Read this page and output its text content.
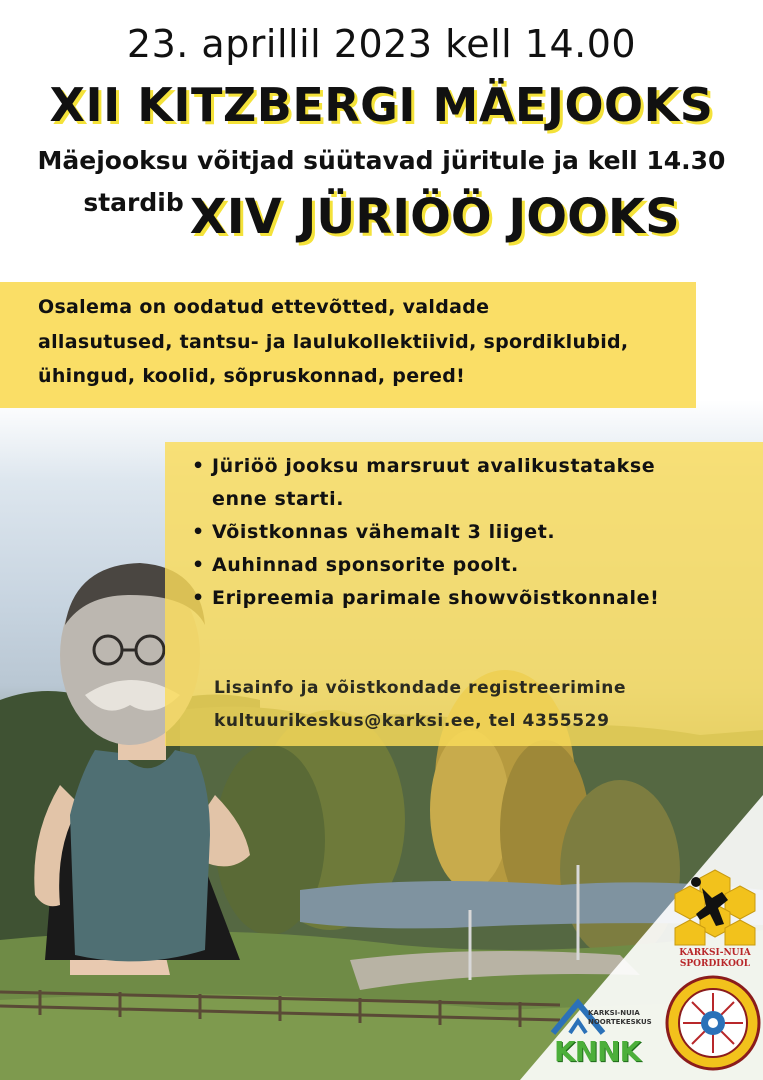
23. aprillil 2023 kell 14.00
XII KITZBERGI MÄEJOOKS
Mäejooksu võitjad süütavad jüritule ja kell 14.30
stardib XIV JÜRIÖÖ JOOKS
Osalema on oodatud ettevõtted, valdade
allasutused, tantsu- ja laulukollektiivid, spordiklubid,
ühingud, koolid, sõpruskonnad, pered!
• Jüriöö jooksu marsruut avalikustatakse
enne starti.
• Võistkonnas vähemalt 3 liiget.
• Auhinnad sponsorite poolt.
• Eripreemia parimale showvõistkonnale!
Lisainfo ja võistkondade registreerimine
kultuurikeskus@karksi.ee, tel 4355529
KARKSI-NUIA SPORDIKOOL
KARKSI-NUIA NOORTEKESKUS
KNNK
